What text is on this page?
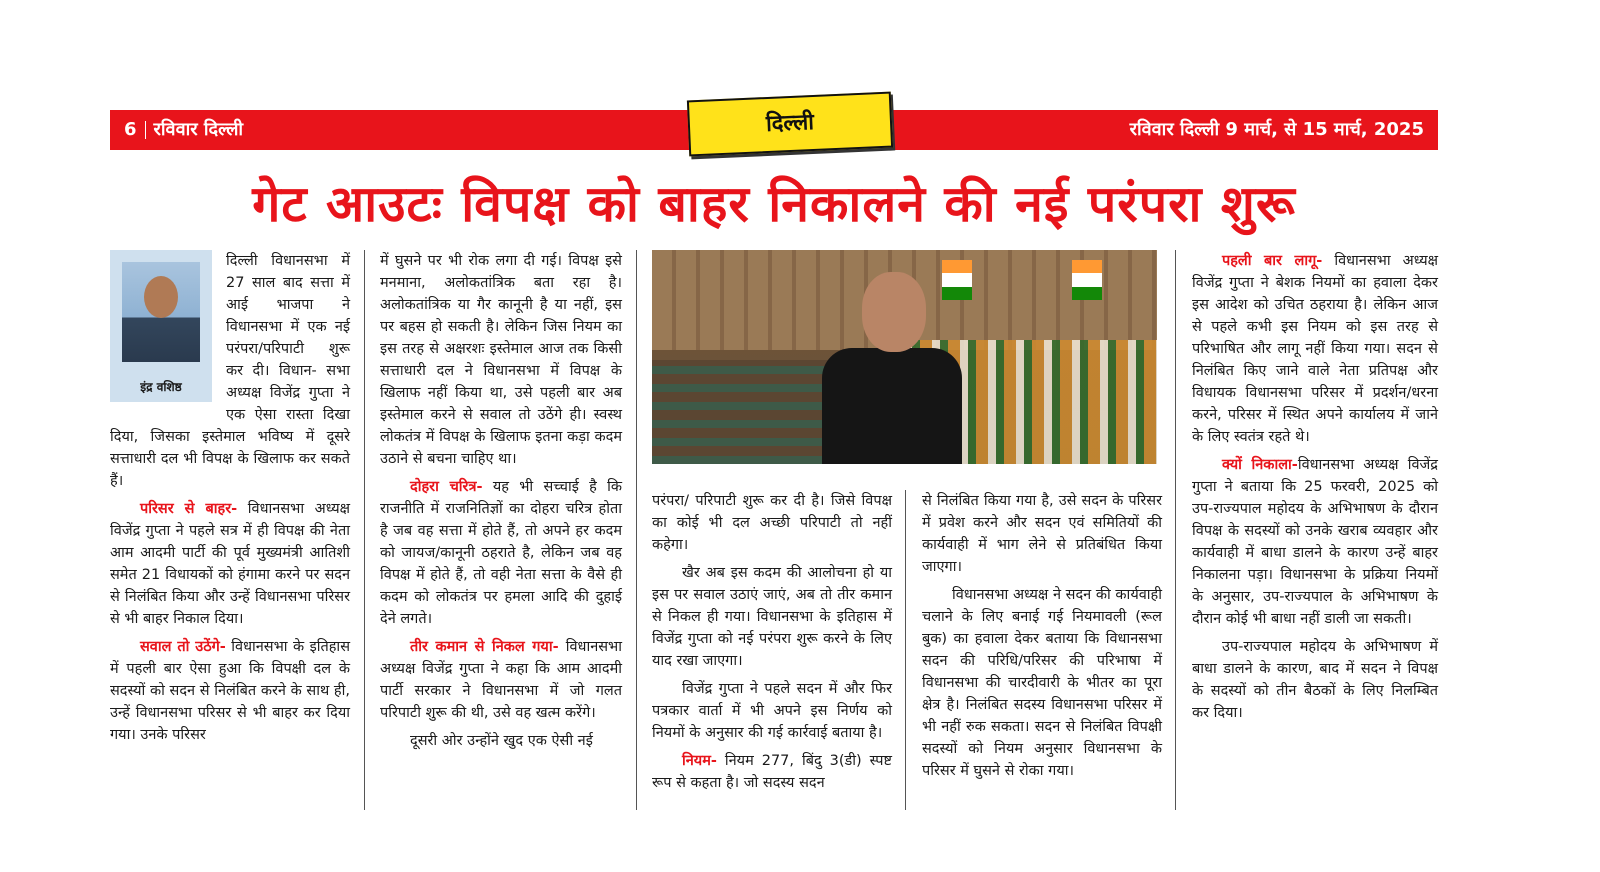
6 रविवार दिल्ली	रविवार दिल्ली 9 मार्च, से 15 मार्च, 2025
दिल्ली
गेट आउटः विपक्ष को बाहर निकालने की नई परंपरा शुरू
इंद्र वशिष्ठ

दिल्ली विधानसभा में 27 साल बाद सत्ता में आई भाजपा ने विधानसभा में एक नई परंपरा/परिपाटी शुरू कर दी। विधान- सभा अध्यक्ष विजेंद्र गुप्ता ने एक ऐसा रास्ता दिखा दिया, जिसका इस्तेमाल भविष्य में दूसरे सत्ताधारी दल भी विपक्ष के खिलाफ कर सकते हैं।

परिसर से बाहर- विधानसभा अध्यक्ष विजेंद्र गुप्ता ने पहले सत्र में ही विपक्ष की नेता आम आदमी पार्टी की पूर्व मुख्यमंत्री आतिशी समेत 21 विधायकों को हंगामा करने पर सदन से निलंबित किया और उन्हें विधानसभा परिसर से भी बाहर निकाल दिया।

सवाल तो उठेंगे- विधानसभा के इतिहास में पहली बार ऐसा हुआ कि विपक्षी दल के सदस्यों को सदन से निलंबित करने के साथ ही, उन्हें विधानसभा परिसर से भी बाहर कर दिया गया। उनके परिसर

में घुसने पर भी रोक लगा दी गई। विपक्ष इसे मनमाना, अलोकतांत्रिक बता रहा है। अलोकतांत्रिक या गैर कानूनी है या नहीं, इस पर बहस हो सकती है। लेकिन जिस नियम का इस तरह से अक्षरशः इस्तेमाल आज तक किसी सत्ताधारी दल ने विधानसभा में विपक्ष के खिलाफ नहीं किया था, उसे पहली बार अब इस्तेमाल करने से सवाल तो उठेंगे ही। स्वस्थ लोकतंत्र में विपक्ष के खिलाफ इतना कड़ा कदम उठाने से बचना चाहिए था।

दोहरा चरित्र- यह भी सच्चाई है कि राजनीति में राजनितिज्ञों का दोहरा चरित्र होता है जब वह सत्ता में होते हैं, तो अपने हर कदम को जायज/कानूनी ठहराते है, लेकिन जब वह विपक्ष में होते हैं, तो वही नेता सत्ता के वैसे ही कदम को लोकतंत्र पर हमला आदि की दुहाई देने लगते।

तीर कमान से निकल गया- विधानसभा अध्यक्ष विजेंद्र गुप्ता ने कहा कि आम आदमी पार्टी सरकार ने विधानसभा में जो गलत परिपाटी शुरू की थी, उसे वह खत्म करेंगे।

दूसरी ओर उन्होंने खुद एक ऐसी नई

परंपरा/ परिपाटी शुरू कर दी है। जिसे विपक्ष का कोई भी दल अच्छी परिपाटी तो नहीं कहेगा।

खैर अब इस कदम की आलोचना हो या इस पर सवाल उठाएं जाएं, अब तो तीर कमान से निकल ही गया। विधानसभा के इतिहास में विजेंद्र गुप्ता को नई परंपरा शुरू करने के लिए याद रखा जाएगा।

विजेंद्र गुप्ता ने पहले सदन में और फिर पत्रकार वार्ता में भी अपने इस निर्णय को नियमों के अनुसार की गई कार्रवाई बताया है।

नियम- नियम 277, बिंदु 3(डी) स्पष्ट रूप से कहता है। जो सदस्य सदन

से निलंबित किया गया है, उसे सदन के परिसर में प्रवेश करने और सदन एवं समितियों की कार्यवाही में भाग लेने से प्रतिबंधित किया जाएगा।

विधानसभा अध्यक्ष ने सदन की कार्यवाही चलाने के लिए बनाई गई नियमावली (रूल बुक) का हवाला देकर बताया कि विधानसभा सदन की परिधि/परिसर की परिभाषा में विधानसभा की चारदीवारी के भीतर का पूरा क्षेत्र है। निलंबित सदस्य विधानसभा परिसर में भी नहीं रुक सकता। सदन से निलंबित विपक्षी सदस्यों को नियम अनुसार विधानसभा के परिसर में घुसने से रोका गया।

पहली बार लागू- विधानसभा अध्यक्ष विजेंद्र गुप्ता ने बेशक नियमों का हवाला देकर इस आदेश को उचित ठहराया है। लेकिन आज से पहले कभी इस नियम को इस तरह से परिभाषित और लागू नहीं किया गया। सदन से निलंबित किए जाने वाले नेता प्रतिपक्ष और विधायक विधानसभा परिसर में प्रदर्शन/धरना करने, परिसर में स्थित अपने कार्यालय में जाने के लिए स्वतंत्र रहते थे।

क्यों निकाला-विधानसभा अध्यक्ष विजेंद्र गुप्ता ने बताया कि 25 फरवरी, 2025 को उप-राज्यपाल महोदय के अभिभाषण के दौरान विपक्ष के सदस्यों को उनके खराब व्यवहार और कार्यवाही में बाधा डालने के कारण उन्हें बाहर निकालना पड़ा। विधानसभा के प्रक्रिया नियमों के अनुसार, उप-राज्यपाल के अभिभाषण के दौरान कोई भी बाधा नहीं डाली जा सकती।

उप-राज्यपाल महोदय के अभिभाषण में बाधा डालने के कारण, बाद में सदन ने विपक्ष के सदस्यों को तीन बैठकों के लिए निलम्बित कर दिया।
